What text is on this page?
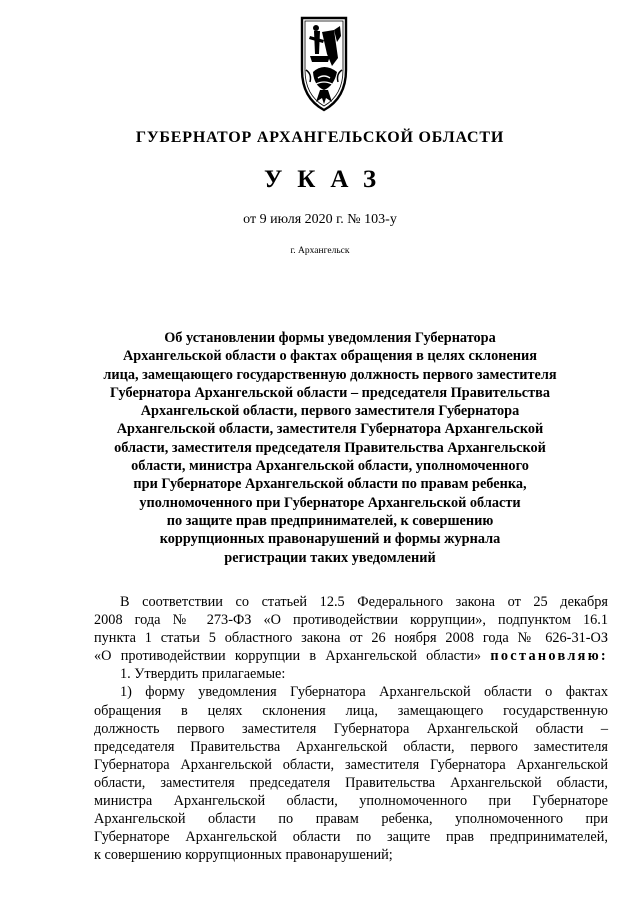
ГУБЕРНАТОР АРХАНГЕЛЬСКОЙ ОБЛАСТИ

УКАЗ

от 9 июля 2020 г. № 103-у

г. Архангельск

Об установлении формы уведомления Губернатора
Архангельской области о фактах обращения в целях склонения
лица, замещающего государственную должность первого заместителя
Губернатора Архангельской области – председателя Правительства
Архангельской области, первого заместителя Губернатора
Архангельской области, заместителя Губернатора Архангельской
области, заместителя председателя Правительства Архангельской
области, министра Архангельской области, уполномоченного
при Губернаторе Архангельской области по правам ребенка,
уполномоченного при Губернаторе Архангельской области
по защите прав предпринимателей, к совершению
коррупционных правонарушений и формы журнала
регистрации таких уведомлений
В соответствии со статьей 12.5 Федерального закона от 25 декабря
2008 года № 273-ФЗ «О противодействии коррупции», подпунктом 16.1
пункта 1 статьи 5 областного закона от 26 ноября 2008 года № 626-31-ОЗ
«О противодействии коррупции в Архангельской области» постановляю:
1. Утвердить прилагаемые:
1) форму уведомления Губернатора Архангельской области о фактах
обращения в целях склонения лица, замещающего государственную
должность первого заместителя Губернатора Архангельской области –
председателя Правительства Архангельской области, первого заместителя
Губернатора Архангельской области, заместителя Губернатора Архангельской
области, заместителя председателя Правительства Архангельской области,
министра Архангельской области, уполномоченного при Губернаторе
Архангельской области по правам ребенка, уполномоченного при
Губернаторе Архангельской области по защите прав предпринимателей,
к совершению коррупционных правонарушений;
